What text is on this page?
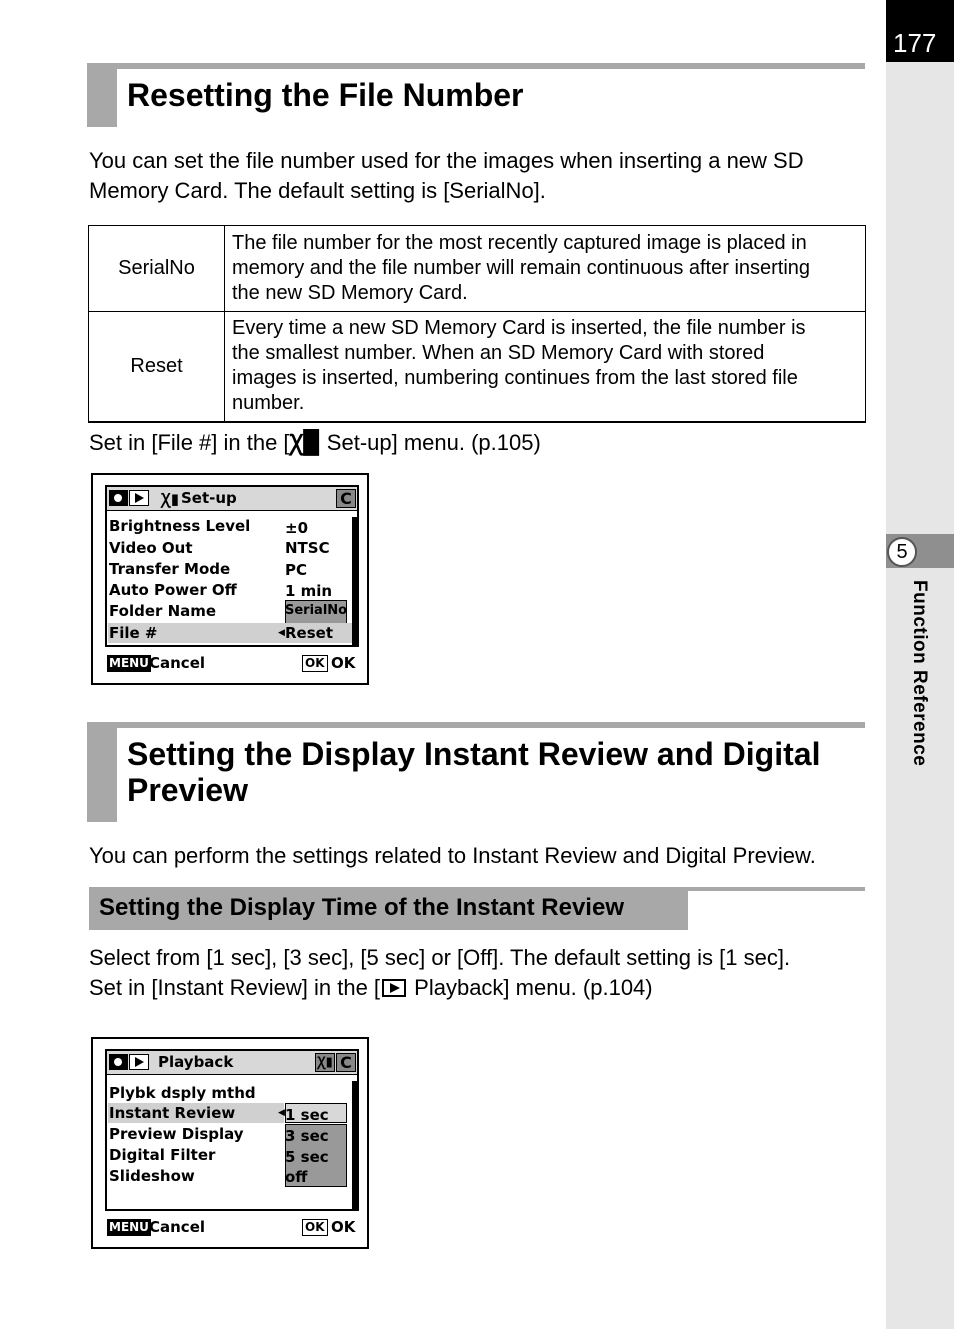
177
5
Function Reference
Resetting the File Number
You can set the file number used for the images when inserting a new SD
Memory Card. The default setting is [SerialNo].
SerialNo	The file number for the most recently captured image is placed in
memory and the file number will remain continuous after inserting
the new SD Memory Card.

Reset	Every time a new SD Memory Card is inserted, the file number is
the smallest number. When an SD Memory Card with stored
images is inserted, numbering continues from the last stored file
number.
Set in [File #] in the [Ꭓ▉ Set-up] menu. (p.105)
Ꭓ▮ Set-up	C
Brightness Level ±0
Video Out	NTSC
Transfer Mode	PC
Auto Power Off	1 min
Folder Name	SerialNo
File #	◀ Reset
MENU Cancel	OK OK
Setting the Display Instant Review and Digital
Preview
You can perform the settings related to Instant Review and Digital Preview.
Setting the Display Time of the Instant Review
Select from [1 sec], [3 sec], [5 sec] or [Off]. The default setting is [1 sec].
Set in [Instant Review] in the [ Playback] menu. (p.104)
Playback	Ꭓ▮ C
Plybk dsply mthd
Instant Review
Preview Display
Digital Filter
Slideshow
◀ 1 sec
3 sec
5 sec
off
MENU Cancel	OK OK
